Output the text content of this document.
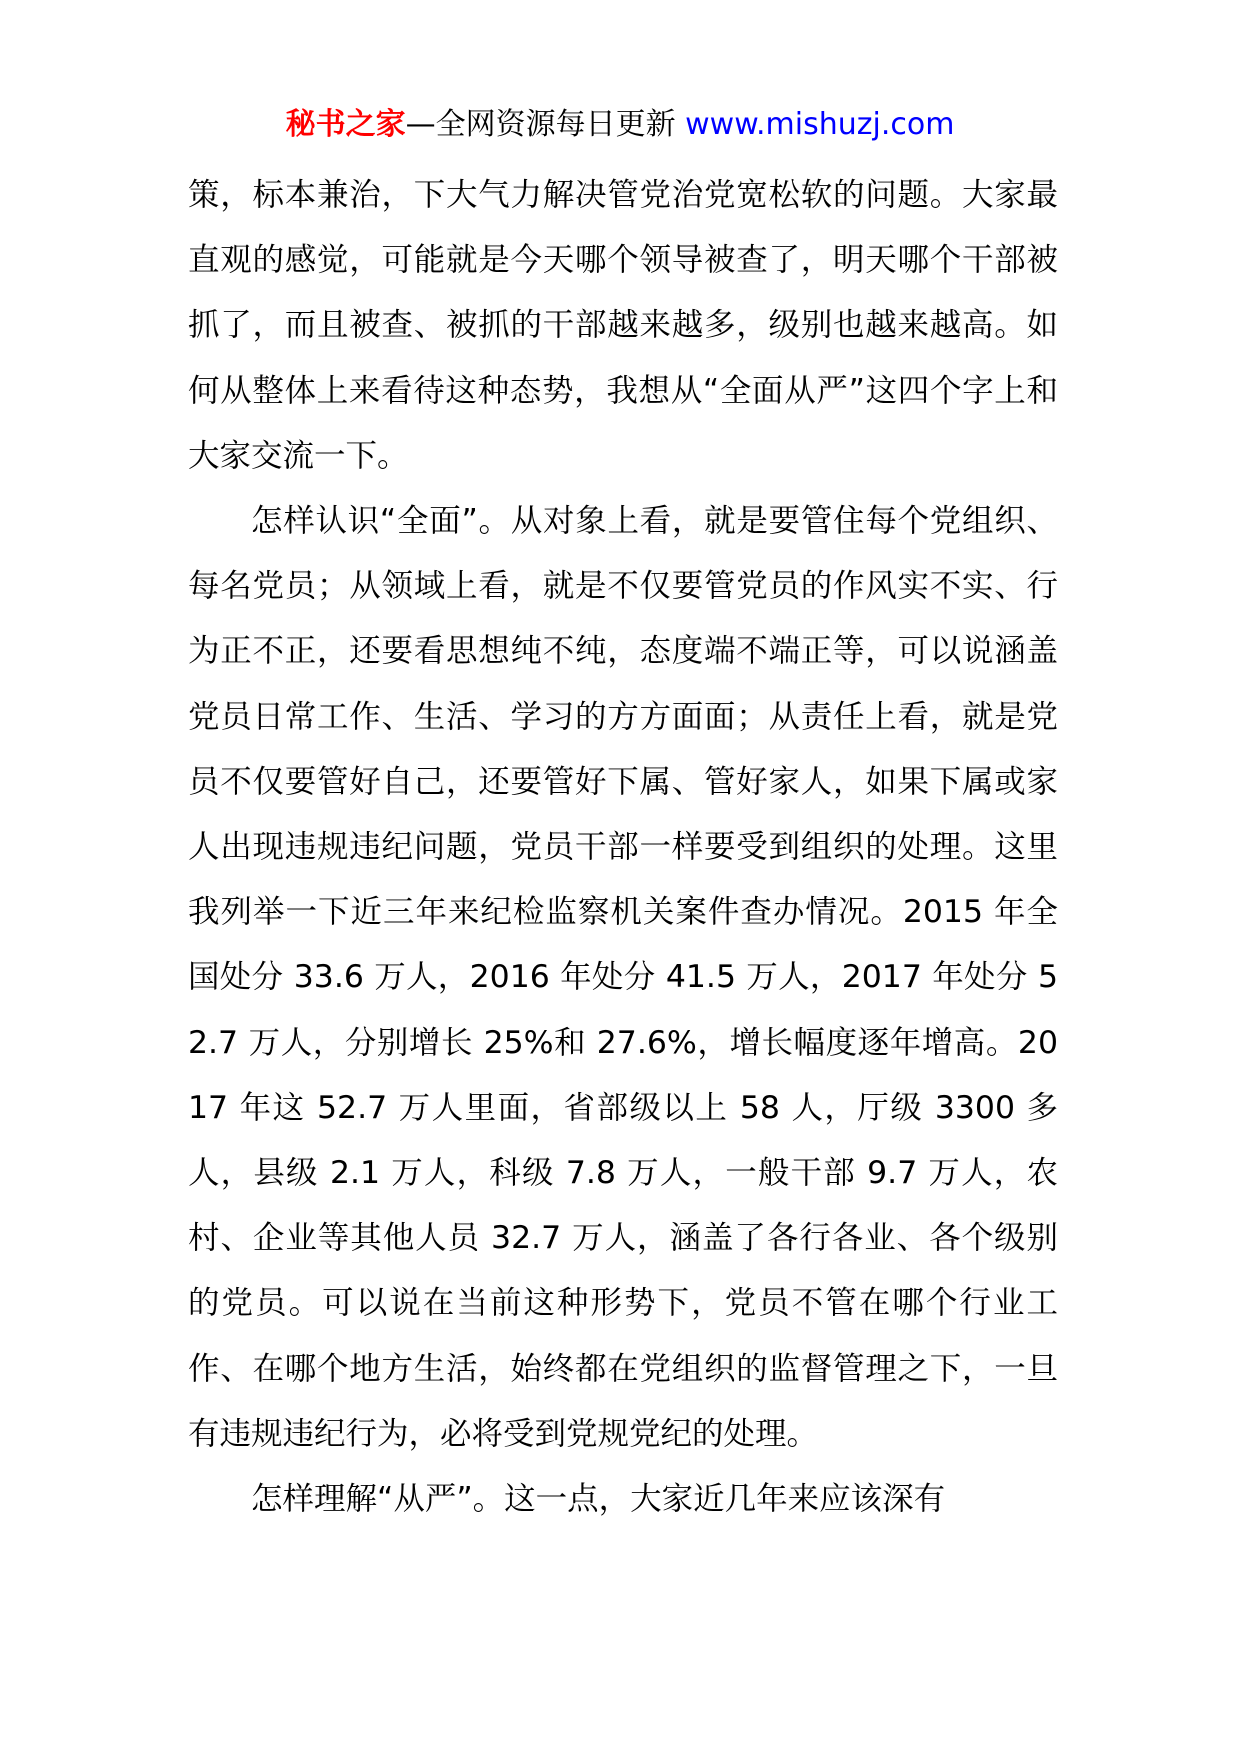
秘书之家—全网资源每日更新 www.mishuzj.com

策，标本兼治，下大气力解决管党治党宽松软的问题。大家最直观的感觉，可能就是今天哪个领导被查了，明天哪个干部被抓了，而且被查、被抓的干部越来越多，级别也越来越高。如何从整体上来看待这种态势，我想从“全面从严”这四个字上和大家交流一下。

怎样认识“全面”。从对象上看，就是要管住每个党组织、每名党员；从领域上看，就是不仅要管党员的作风实不实、行为正不正，还要看思想纯不纯，态度端不端正等，可以说涵盖党员日常工作、生活、学习的方方面面；从责任上看，就是党员不仅要管好自己，还要管好下属、管好家人，如果下属或家人出现违规违纪问题，党员干部一样要受到组织的处理。这里我列举一下近三年来纪检监察机关案件查办情况。2015 年全国处分 33.6 万人，2016 年处分 41.5 万人，2017 年处分 52.7 万人，分别增长 25%和 27.6%，增长幅度逐年增高。2017 年这 52.7 万人里面，省部级以上 58 人，厅级 3300 多人，县级 2.1 万人，科级 7.8 万人，一般干部 9.7 万人，农村、企业等其他人员 32.7 万人，涵盖了各行各业、各个级别的党员。可以说在当前这种形势下，党员不管在哪个行业工作、在哪个地方生活，始终都在党组织的监督管理之下，一旦有违规违纪行为，必将受到党规党纪的处理。

怎样理解“从严”。这一点，大家近几年来应该深有
